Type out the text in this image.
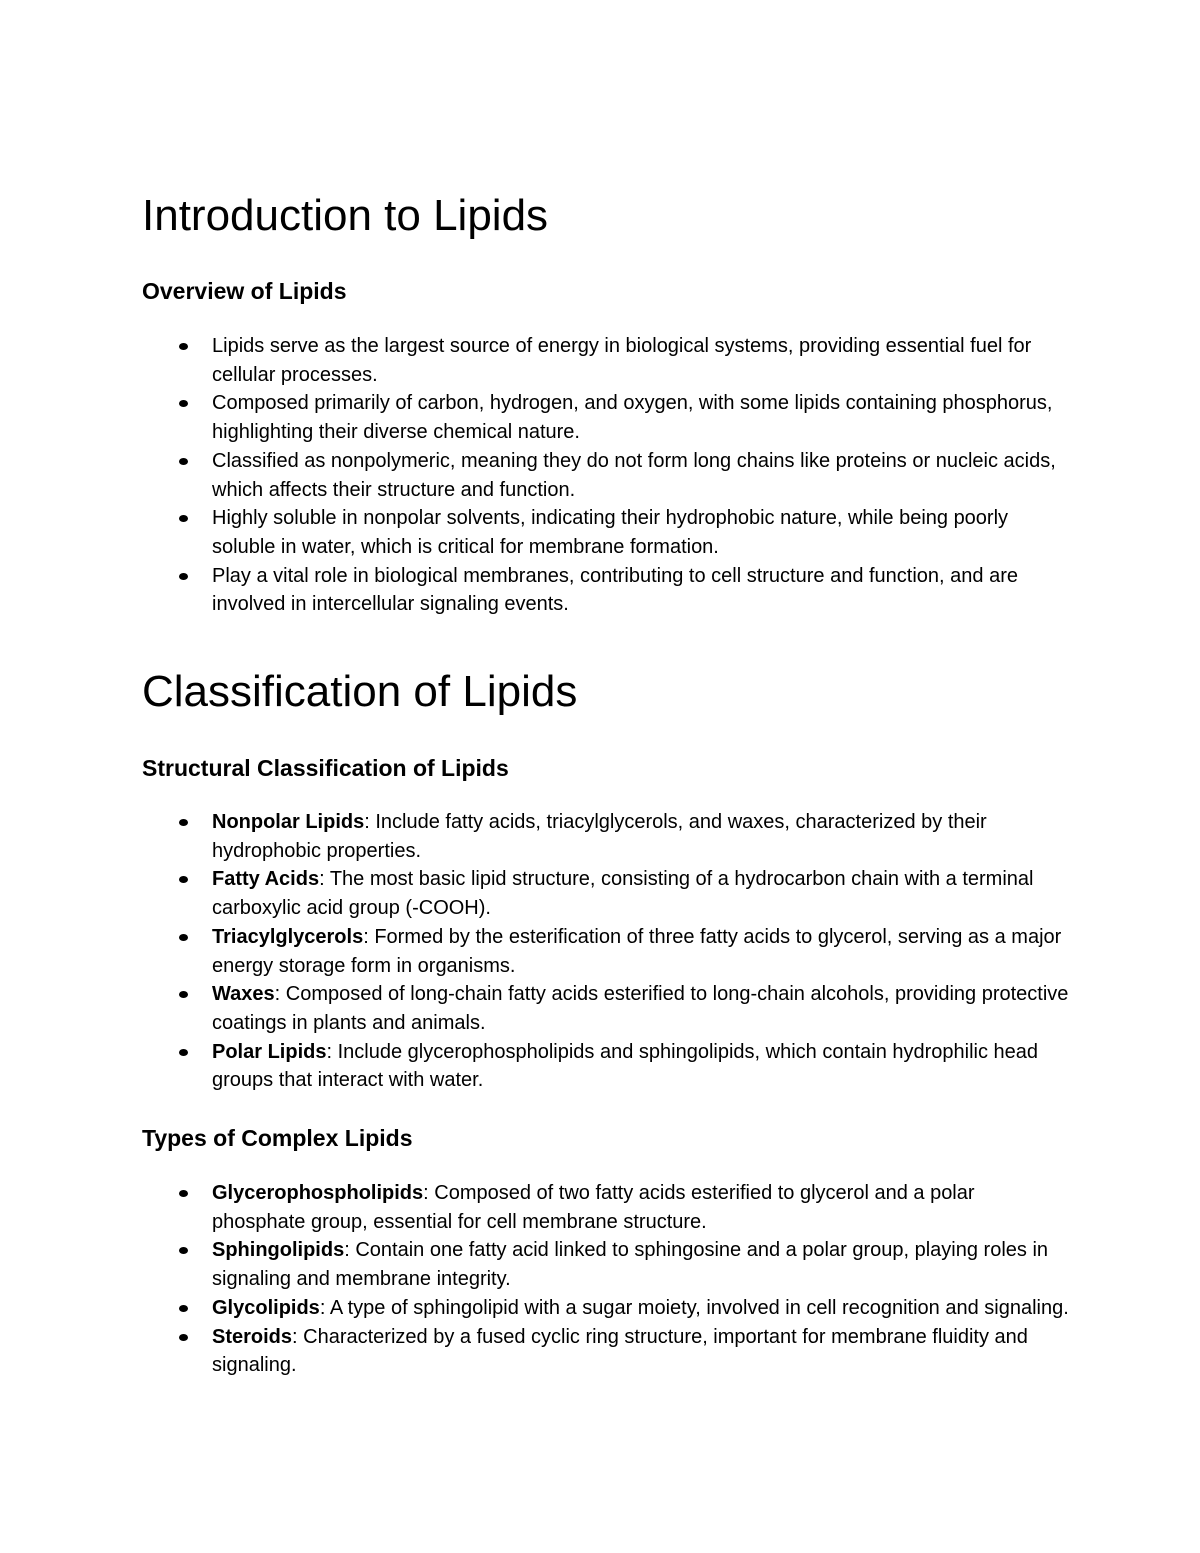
Introduction to Lipids
Overview of Lipids
Lipids serve as the largest source of energy in biological systems, providing essential fuel for cellular processes.
Composed primarily of carbon, hydrogen, and oxygen, with some lipids containing phosphorus, highlighting their diverse chemical nature.
Classified as nonpolymeric, meaning they do not form long chains like proteins or nucleic acids, which affects their structure and function.
Highly soluble in nonpolar solvents, indicating their hydrophobic nature, while being poorly soluble in water, which is critical for membrane formation.
Play a vital role in biological membranes, contributing to cell structure and function, and are involved in intercellular signaling events.
Classification of Lipids
Structural Classification of Lipids
Nonpolar Lipids: Include fatty acids, triacylglycerols, and waxes, characterized by their hydrophobic properties.
Fatty Acids: The most basic lipid structure, consisting of a hydrocarbon chain with a terminal carboxylic acid group (-COOH).
Triacylglycerols: Formed by the esterification of three fatty acids to glycerol, serving as a major energy storage form in organisms.
Waxes: Composed of long-chain fatty acids esterified to long-chain alcohols, providing protective coatings in plants and animals.
Polar Lipids: Include glycerophospholipids and sphingolipids, which contain hydrophilic head groups that interact with water.
Types of Complex Lipids
Glycerophospholipids: Composed of two fatty acids esterified to glycerol and a polar phosphate group, essential for cell membrane structure.
Sphingolipids: Contain one fatty acid linked to sphingosine and a polar group, playing roles in signaling and membrane integrity.
Glycolipids: A type of sphingolipid with a sugar moiety, involved in cell recognition and signaling.
Steroids: Characterized by a fused cyclic ring structure, important for membrane fluidity and signaling.
